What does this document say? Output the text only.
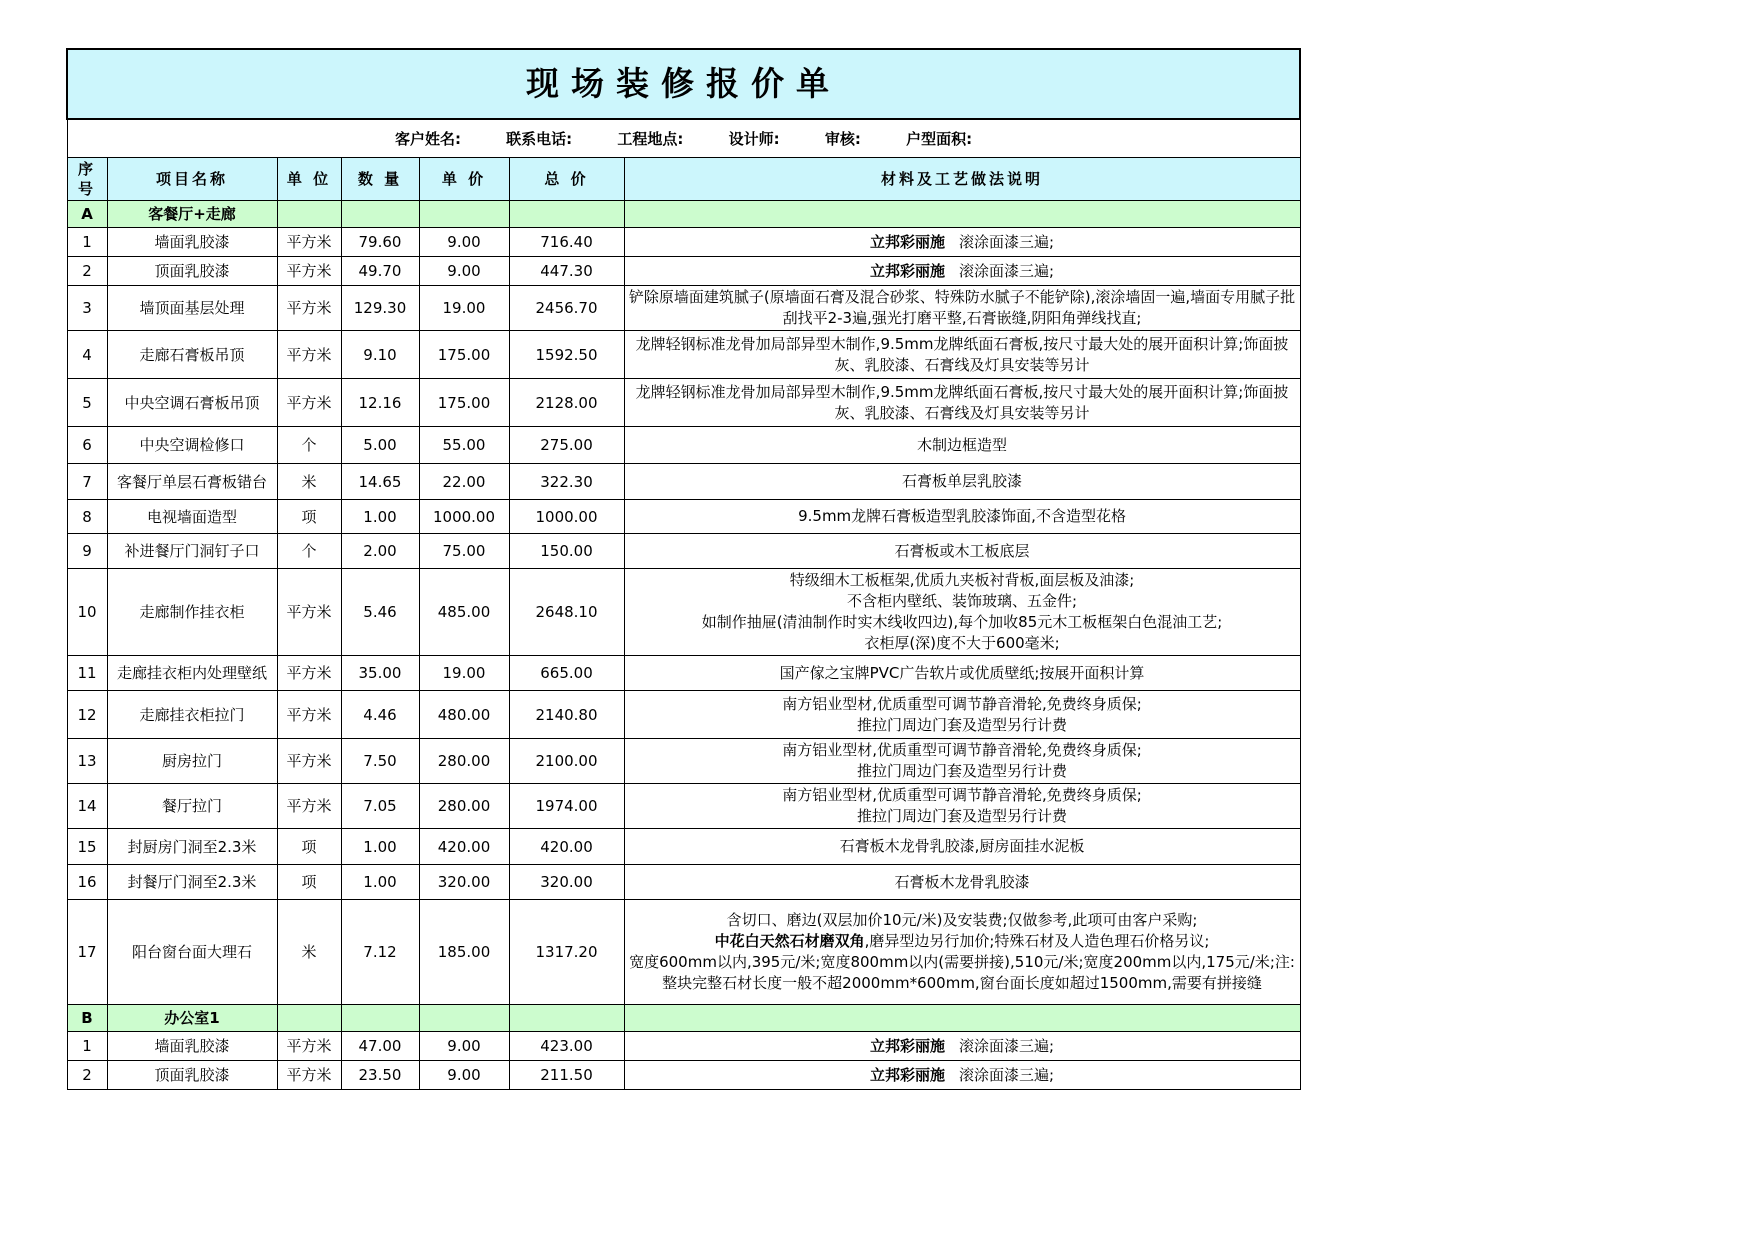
现场装修报价单						
客户姓名: 联系电话: 工程地点: 设计师: 审核: 户型面积:						
序号	项目名称	单 位	数 量	单 价	总 价	材料及工艺做法说明
A	客餐厅+走廊					
1	墙面乳胶漆	平方米	79.60	9.00	716.40	立邦彩丽施 滚涂面漆三遍;
2	顶面乳胶漆	平方米	49.70	9.00	447.30	立邦彩丽施 滚涂面漆三遍;
3	墙顶面基层处理	平方米	129.30	19.00	2456.70	铲除原墙面建筑腻子(原墙面石膏及混合砂浆、特殊防水腻子不能铲除),滚涂墙固一遍,墙面专用腻子批刮找平2-3遍,强光打磨平整,石膏嵌缝,阴阳角弹线找直;
4	走廊石膏板吊顶	平方米	9.10	175.00	1592.50	龙牌轻钢标准龙骨加局部异型木制作,9.5mm龙牌纸面石膏板,按尺寸最大处的展开面积计算;饰面披灰、乳胶漆、石膏线及灯具安装等另计
5	中央空调石膏板吊顶	平方米	12.16	175.00	2128.00	龙牌轻钢标准龙骨加局部异型木制作,9.5mm龙牌纸面石膏板,按尺寸最大处的展开面积计算;饰面披灰、乳胶漆、石膏线及灯具安装等另计
6	中央空调检修口	个	5.00	55.00	275.00	木制边框造型
7	客餐厅单层石膏板错台	米	14.65	22.00	322.30	石膏板单层乳胶漆
8	电视墙面造型	项	1.00	1000.00	1000.00	9.5mm龙牌石膏板造型乳胶漆饰面,不含造型花格
9	补进餐厅门洞钉子口	个	2.00	75.00	150.00	石膏板或木工板底层
10	走廊制作挂衣柜	平方米	5.46	485.00	2648.10	特级细木工板框架,优质九夹板衬背板,面层板及油漆;
不含柜内壁纸、装饰玻璃、五金件;
如制作抽屉(清油制作时实木线收四边),每个加收85元木工板框架白色混油工艺;
衣柜厚(深)度不大于600毫米;
11	走廊挂衣柜内处理壁纸	平方米	35.00	19.00	665.00	国产傢之宝牌PVC广告软片或优质壁纸;按展开面积计算
12	走廊挂衣柜拉门	平方米	4.46	480.00	2140.80	南方铝业型材,优质重型可调节静音滑轮,免费终身质保;
推拉门周边门套及造型另行计费
13	厨房拉门	平方米	7.50	280.00	2100.00	南方铝业型材,优质重型可调节静音滑轮,免费终身质保;
推拉门周边门套及造型另行计费
14	餐厅拉门	平方米	7.05	280.00	1974.00	南方铝业型材,优质重型可调节静音滑轮,免费终身质保;
推拉门周边门套及造型另行计费
15	封厨房门洞至2.3米	项	1.00	420.00	420.00	石膏板木龙骨乳胶漆,厨房面挂水泥板
16	封餐厅门洞至2.3米	项	1.00	320.00	320.00	石膏板木龙骨乳胶漆
17	阳台窗台面大理石	米	7.12	185.00	1317.20	含切口、磨边(双层加价10元/米)及安装费;仅做参考,此项可由客户采购;
中花白天然石材磨双角,磨异型边另行加价;特殊石材及人造色理石价格另议;
宽度600mm以内,395元/米;宽度800mm以内(需要拼接),510元/米;宽度200mm以内,175元/米;注:整块完整石材长度一般不超2000mm*600mm,窗台面长度如超过1500mm,需要有拼接缝
B	办公室1					
1	墙面乳胶漆	平方米	47.00	9.00	423.00	立邦彩丽施 滚涂面漆三遍;
2	顶面乳胶漆	平方米	23.50	9.00	211.50	立邦彩丽施 滚涂面漆三遍;
